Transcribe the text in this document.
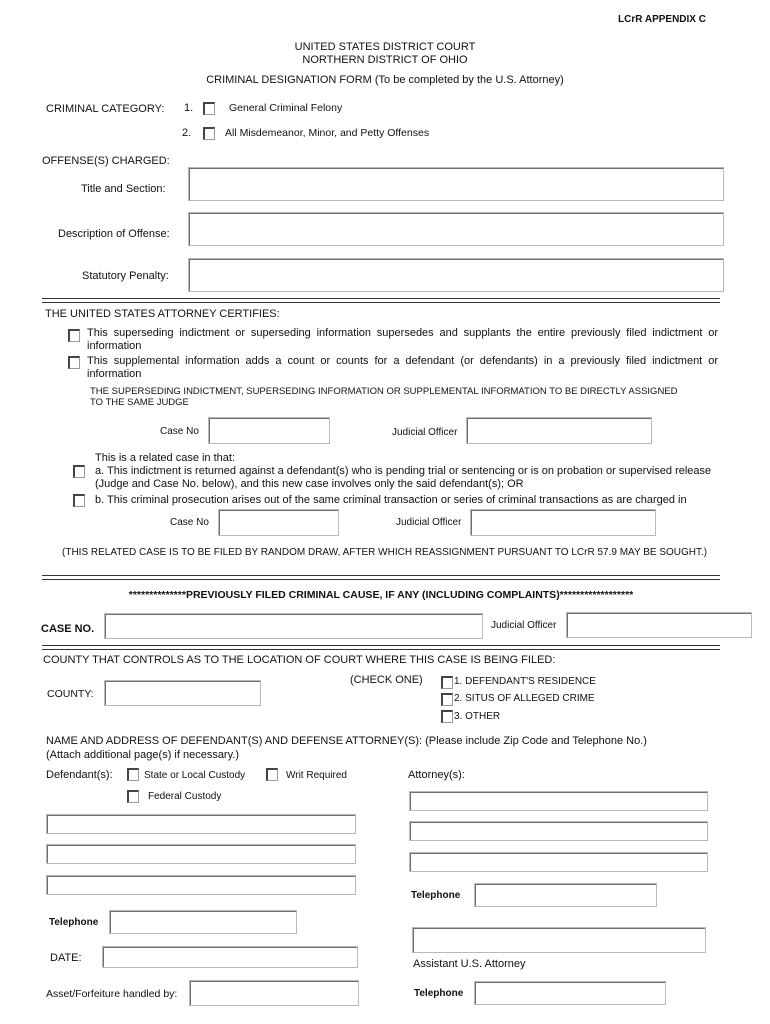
LCrR APPENDIX C
UNITED STATES DISTRICT COURT
NORTHERN DISTRICT OF OHIO
CRIMINAL DESIGNATION FORM (To be completed by the U.S. Attorney)
CRIMINAL CATEGORY: 1.	General Criminal Felony
2.	All Misdemeanor, Minor, and Petty Offenses
OFFENSE(S) CHARGED:
Title and Section:
Description of Offense:
Statutory Penalty:
THE UNITED STATES ATTORNEY CERTIFIES:
This superseding indictment or superseding information supersedes and supplants the entire previously filed indictment or information
This supplemental information adds a count or counts for a defendant (or defendants) in a previously filed indictment or information
THE SUPERSEDING INDICTMENT, SUPERSEDING INFORMATION OR SUPPLEMENTAL INFORMATION TO BE DIRECTLY ASSIGNED TO THE SAME JUDGE
Case No	Judicial Officer
This is a related case in that:
a. This indictment is returned against a defendant(s) who is pending trial or sentencing or is on probation or supervised release (Judge and Case No. below), and this new case involves only the said defendant(s); OR
b. This criminal prosecution arises out of the same criminal transaction or series of criminal transactions as are charged in
Case No	Judicial Officer
(THIS RELATED CASE IS TO BE FILED BY RANDOM DRAW, AFTER WHICH REASSIGNMENT PURSUANT TO LCrR 57.9 MAY BE SOUGHT.)
**************PREVIOUSLY FILED CRIMINAL CAUSE, IF ANY (INCLUDING COMPLAINTS)******************
CASE NO.	Judicial Officer
COUNTY THAT CONTROLS AS TO THE LOCATION OF COURT WHERE THIS CASE IS BEING FILED:
(CHECK ONE)	1. DEFENDANT'S RESIDENCE
2. SITUS OF ALLEGED CRIME
3. OTHER
COUNTY:
NAME AND ADDRESS OF DEFENDANT(S) AND DEFENSE ATTORNEY(S): (Please include Zip Code and Telephone No.)
(Attach additional page(s) if necessary.)
Defendant(s):	State or Local Custody	Writ Required
Federal Custody
Attorney(s):
Telephone
Telephone
Assistant U.S. Attorney
DATE:
Asset/Forfeiture handled by:	Telephone
